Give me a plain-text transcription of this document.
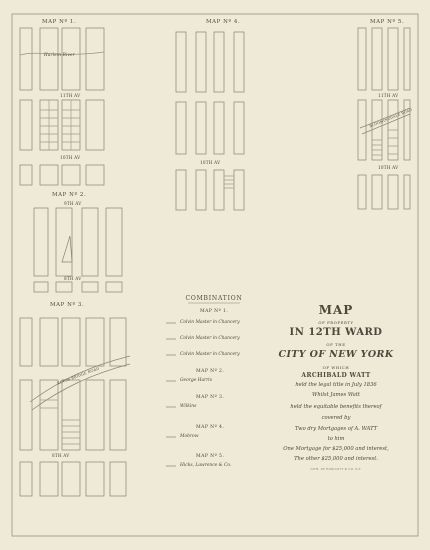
MAP Nº 1.
Harlem River
11TH AV
10TH AV
MAP Nº 4.
10TH AV
MAP Nº 5.
11TH AV
BLOOMINGDALE ROAD
10TH AV
MAP Nº 2.
9TH AV
8TH AV
MAP Nº 3.
KINGS BRIDGE ROAD
8TH AV
COMBINATION
MAP Nº 1.
Colvin Master in Chancery
Colvin Master in Chancery
Colvin Master in Chancery
MAP Nº 2.
George Harris
MAP Nº 3.
Wilkins
MAP Nº 4.
Mobrow
MAP Nº 5.
Hicks, Lawrence & Co.
MAP
OF PROPERTY
IN 12TH WARD
OF THE
CITY OF NEW YORK
OF WHICH
ARCHIBALD WATT
held the legal title in July 1836
Whilst James Watt
held the equitable benefits thereof
covered by
Two dry Mortgages of A. WATT
to him
One Mortgage for $25,000 and interest,
The other $25,000 and interest.
LITH. OF ENDICOTT & CO. N.Y.
